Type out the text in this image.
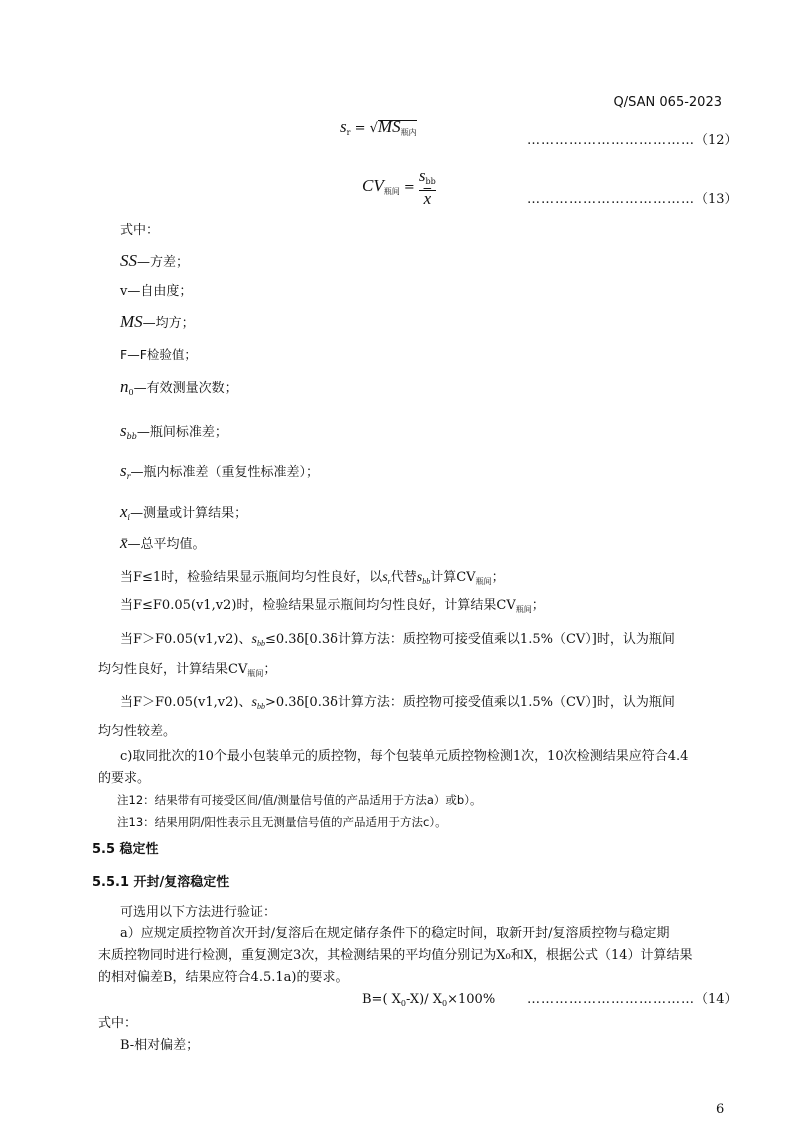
Q/SAN 065-2023
$s_r = √MS_{瓶内}$
………………………………（12）
$CV_{瓶间} = \frac{s_{bb}}{x}$	………………………………（13）
式中：
SS—方差；
v—自由度；
MS—均方；
F—F检验值；
$n_0—$有效测量次数；
$s_{bb}—$瓶间标准差；
$s_r—$瓶内标准差（重复性标准差）；
$x_i—$测量或计算结果；
x̄—总平均值。
当F≤1时，检验结果显示瓶间均匀性良好，以$s_r$代替$s_{bb}$计算$CV_{瓶间}$；
当F≤F0.05(v1,v2)时，检验结果显示瓶间均匀性良好，计算结果$CV_{瓶间}$；
当F＞F0.05(v1,v2)、$s_{bb}\le 0.3\delta[0.3\delta$计算方法：质控物可接受值乘以1.5%（CV）]时，认为瓶间
均匀性良好，计算结果$CV_{瓶间}$；
当F＞F0.05(v1,v2)、$s_{bb}>0.3\delta[0.3\delta$计算方法：质控物可接受值乘以1.5%（CV）]时，认为瓶间
均匀性较差。
c)取同批次的10个最小包装单元的质控物，每个包装单元质控物检测1次，10次检测结果应符合4.4
的要求。
注12：结果带有可接受区间/值/测量信号值的产品适用于方法a）或b）。
注13：结果用阴/阳性表示且无测量信号值的产品适用于方法c）。
5.5 稳定性
5.5.1 开封/复溶稳定性
可选用以下方法进行验证：
a）应规定质控物首次开封/复溶后在规定储存条件下的稳定时间，取新开封/复溶质控物与稳定期
末质控物同时进行检测，重复测定3次，其检测结果的平均值分别记为X₀和X，根据公式（14）计算结果
的相对偏差B，结果应符合4.5.1a)的要求。
B=( $X_0-X)/$ $X_0\times 100\%$ ………………………………（14）
式中：
B-相对偏差；
6
